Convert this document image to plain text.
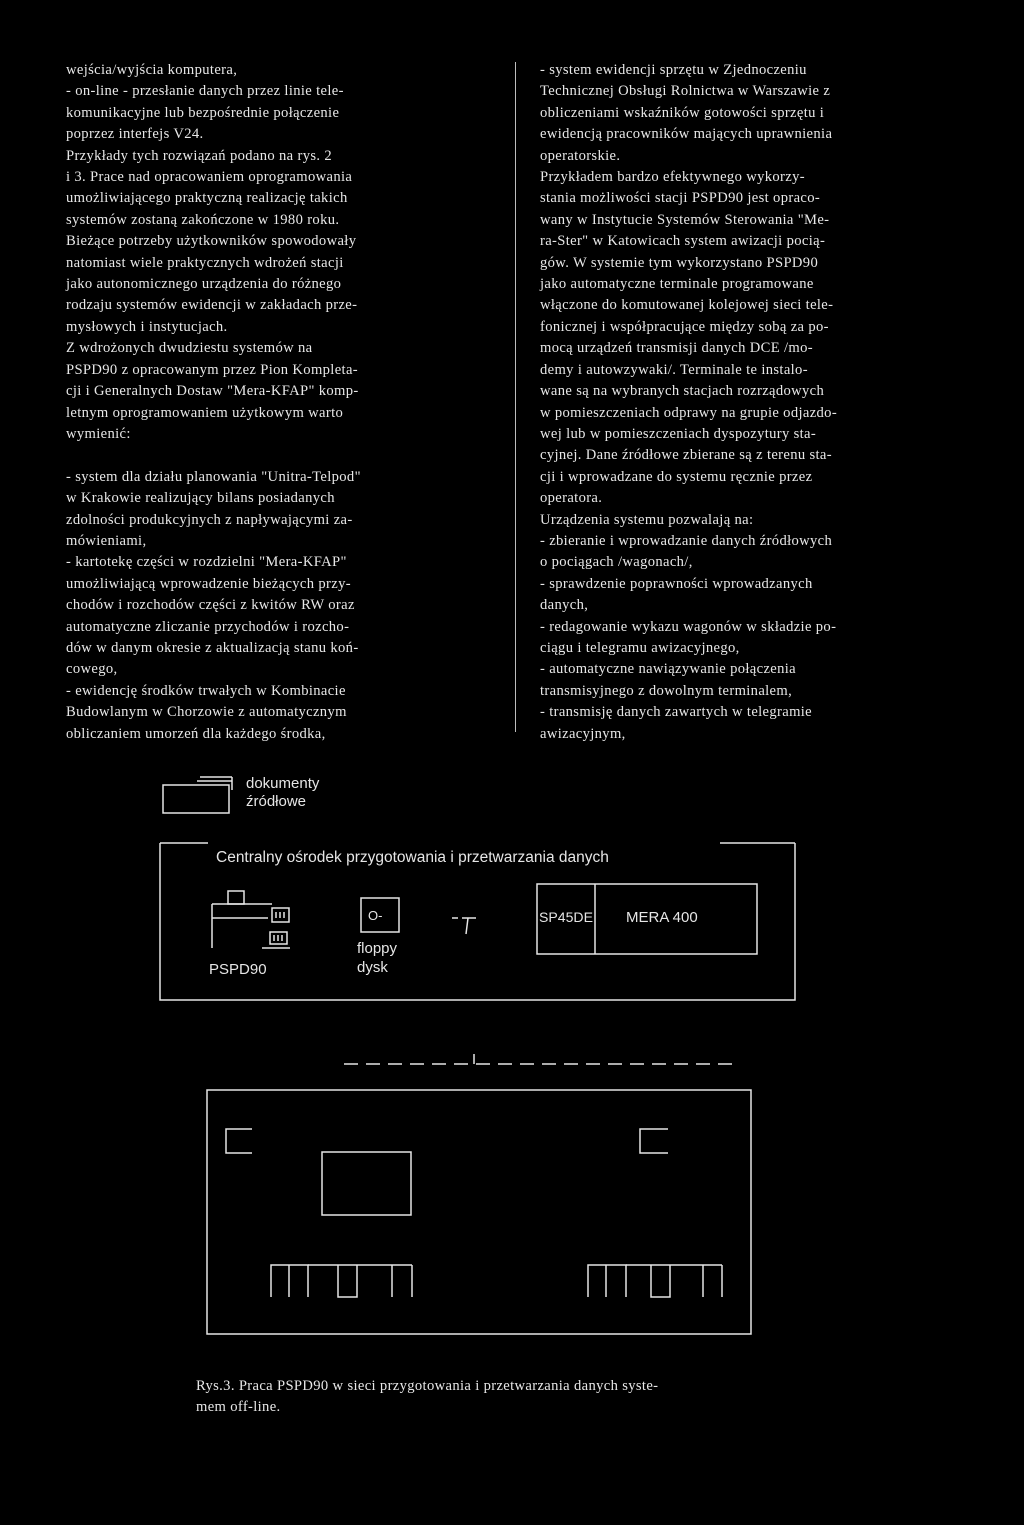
wejścia/wyjścia komputera,
- on-line - przesłanie danych przez linie tele-
komunikacyjne lub bezpośrednie połączenie
poprzez interfejs V24.
Przykłady tych rozwiązań podano na rys. 2
i 3. Prace nad opracowaniem oprogramowania
umożliwiającego praktyczną realizację takich
systemów zostaną zakończone w 1980 roku.
Bieżące potrzeby użytkowników spowodowały
natomiast wiele praktycznych wdrożeń stacji
jako autonomicznego urządzenia do różnego
rodzaju systemów ewidencji w zakładach prze-
mysłowych i instytucjach.
Z wdrożonych dwudziestu systemów na
PSPD90 z opracowanym przez Pion Kompleta-
cji i Generalnych Dostaw "Mera-KFAP" komp-
letnym oprogramowaniem użytkowym warto
wymienić:
- system dla działu planowania "Unitra-Telpod"
w Krakowie realizujący bilans posiadanych
zdolności produkcyjnych z napływającymi za-
mówieniami,
- kartotekę części w rozdzielni "Mera-KFAP"
umożliwiającą wprowadzenie bieżących przy-
chodów i rozchodów części z kwitów RW oraz
automatyczne zliczanie przychodów i rozcho-
dów w danym okresie z aktualizacją stanu koń-
cowego,
- ewidencję środków trwałych w Kombinacie
Budowlanym w Chorzowie z automatycznym
obliczaniem umorzeń dla każdego środka,
- system ewidencji sprzętu w Zjednoczeniu
Technicznej Obsługi Rolnictwa w Warszawie z
obliczeniami wskaźników gotowości sprzętu i
ewidencją pracowników mających uprawnienia
operatorskie.
Przykładem bardzo efektywnego wykorzy-
stania możliwości stacji PSPD90 jest opraco-
wany w Instytucie Systemów Sterowania "Me-
ra-Ster" w Katowicach system awizacji pocią-
gów. W systemie tym wykorzystano PSPD90
jako automatyczne terminale programowane
włączone do komutowanej kolejowej sieci tele-
fonicznej i współpracujące między sobą za po-
mocą urządzeń transmisji danych DCE /mo-
demy i autowzywaki/. Terminale te instalo-
wane są na wybranych stacjach rozrządowych
w pomieszczeniach odprawy na grupie odjazdo-
wej lub w pomieszczeniach dyspozytury sta-
cyjnej. Dane źródłowe zbierane są z terenu sta-
cji i wprowadzane do systemu ręcznie przez
operatora.
Urządzenia systemu pozwalają na:
- zbieranie i wprowadzanie danych źródłowych
o pociągach /wagonach/,
- sprawdzenie poprawności wprowadzanych
danych,
- redagowanie wykazu wagonów w składzie po-
ciągu i telegramu awizacyjnego,
- automatyczne nawiązywanie połączenia
transmisyjnego z dowolnym terminalem,
- transmisję danych zawartych w telegramie
awizacyjnym,
dokumenty
źródłowe
Centralny ośrodek przygotowania i przetwarzania danych
PSPD90
O-
floppy
dysk
SP45DE MERA 400
Rys.3. Praca PSPD90 w sieci przygotowania i przetwarzania danych syste-
mem off-line.
